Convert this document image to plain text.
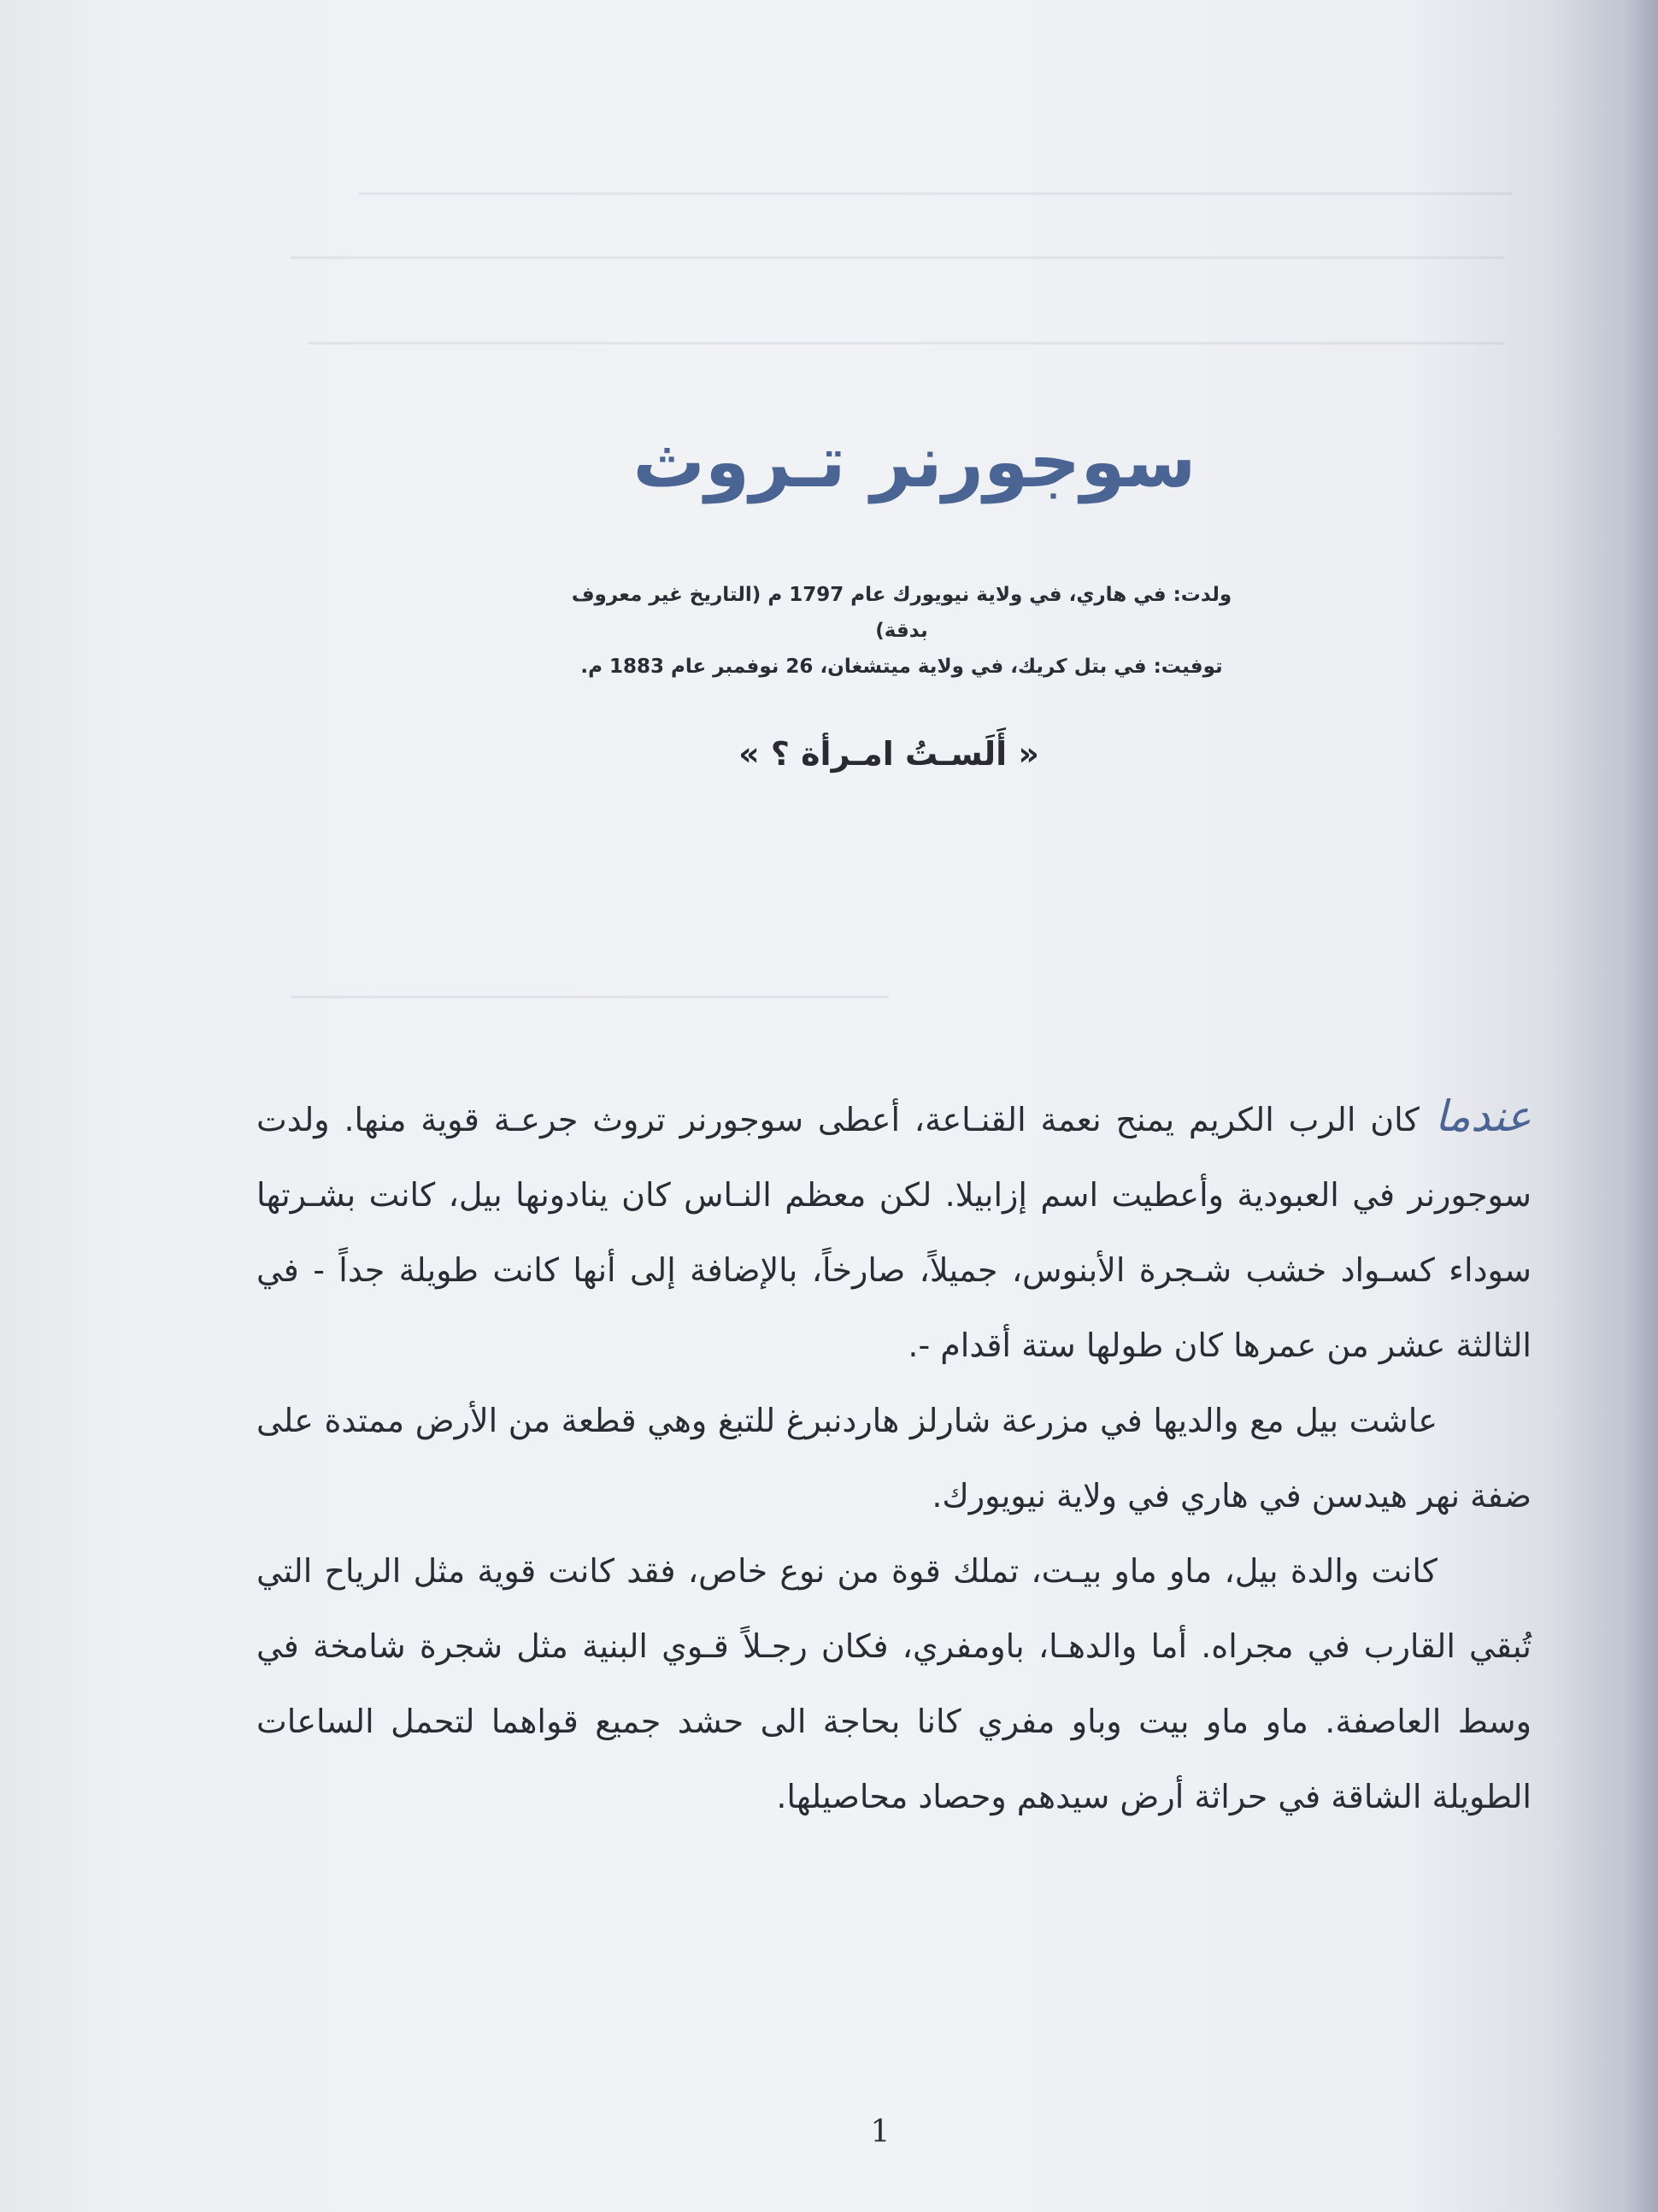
سوجورنر تـروث

ولدت: في هاري، في ولاية نيويورك عام 1797 م (التاريخ غير معروف بدقة)

توفيت: في بتل كريك، في ولاية ميتشغان، 26 نوفمبر عام 1883 م.

« أَلَسـتُ امـرأة ؟ »

عندماكان الرب الكريم يمنح نعمة القنـاعة، أعطى سوجورنر تروث جرعـة قوية منها. ولدت سوجورنر في العبودية وأعطيت اسم إزابيلا. لكن معظم النـاس كان ينادونها بيل، كانت بشـرتها سوداء كسـواد خشب شـجرة الأبنوس، جميلاً، صارخاً، بالإضافة إلى أنها كانت طويلة جداً - في الثالثة عشر من عمرها كان طولها ستة أقدام -.

عاشت بيل مع والديها في مزرعة شارلز هاردنبرغ للتبغ وهي قطعة من الأرض ممتدة على ضفة نهر هيدسن في هاري في ولاية نيويورك.

كانت والدة بيل، ماو ماو بيـت، تملك قوة من نوع خاص، فقد كانت قوية مثل الرياح التي تُبقي القارب في مجراه. أما والدهـا، باومفري، فكان رجـلاً قـوي البنية مثل شجرة شامخة في وسط العاصفة. ماو ماو بيت وباو مفري كانا بحاجة الى حشد جميع قواهما لتحمل الساعات الطويلة الشاقة في حراثة أرض سيدهم وحصاد محاصيلها.

1
